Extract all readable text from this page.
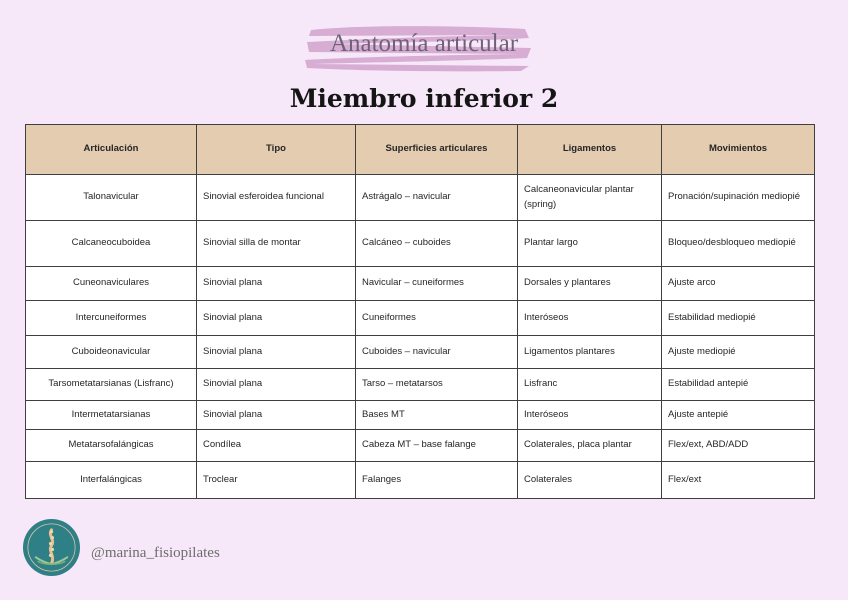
Anatomía articular
Miembro inferior 2
Articulación	Tipo	Superficies articulares	Ligamentos	Movimientos
Talonavicular	Sinovial esferoidea funcional	Astrágalo – navicular	Calcaneonavicular plantar (spring)	Pronación/supinación mediopié
Calcaneocuboidea	Sinovial silla de montar	Calcáneo – cuboides	Plantar largo	Bloqueo/desbloqueo mediopié
Cuneonaviculares	Sinovial plana	Navicular – cuneiformes	Dorsales y plantares	Ajuste arco
Intercuneiformes	Sinovial plana	Cuneiformes	Interóseos	Estabilidad mediopié
Cuboideonavicular	Sinovial plana	Cuboides – navicular	Ligamentos plantares	Ajuste mediopié
Tarsometatarsianas (Lisfranc)	Sinovial plana	Tarso – metatarsos	Lisfranc	Estabilidad antepié
Intermetatarsianas	Sinovial plana	Bases MT	Interóseos	Ajuste antepié
Metatarsofalángicas	Condílea	Cabeza MT – base falange	Colaterales, placa plantar	Flex/ext, ABD/ADD
Interfalángicas	Troclear	Falanges	Colaterales	Flex/ext
@marina_fisiopilates
